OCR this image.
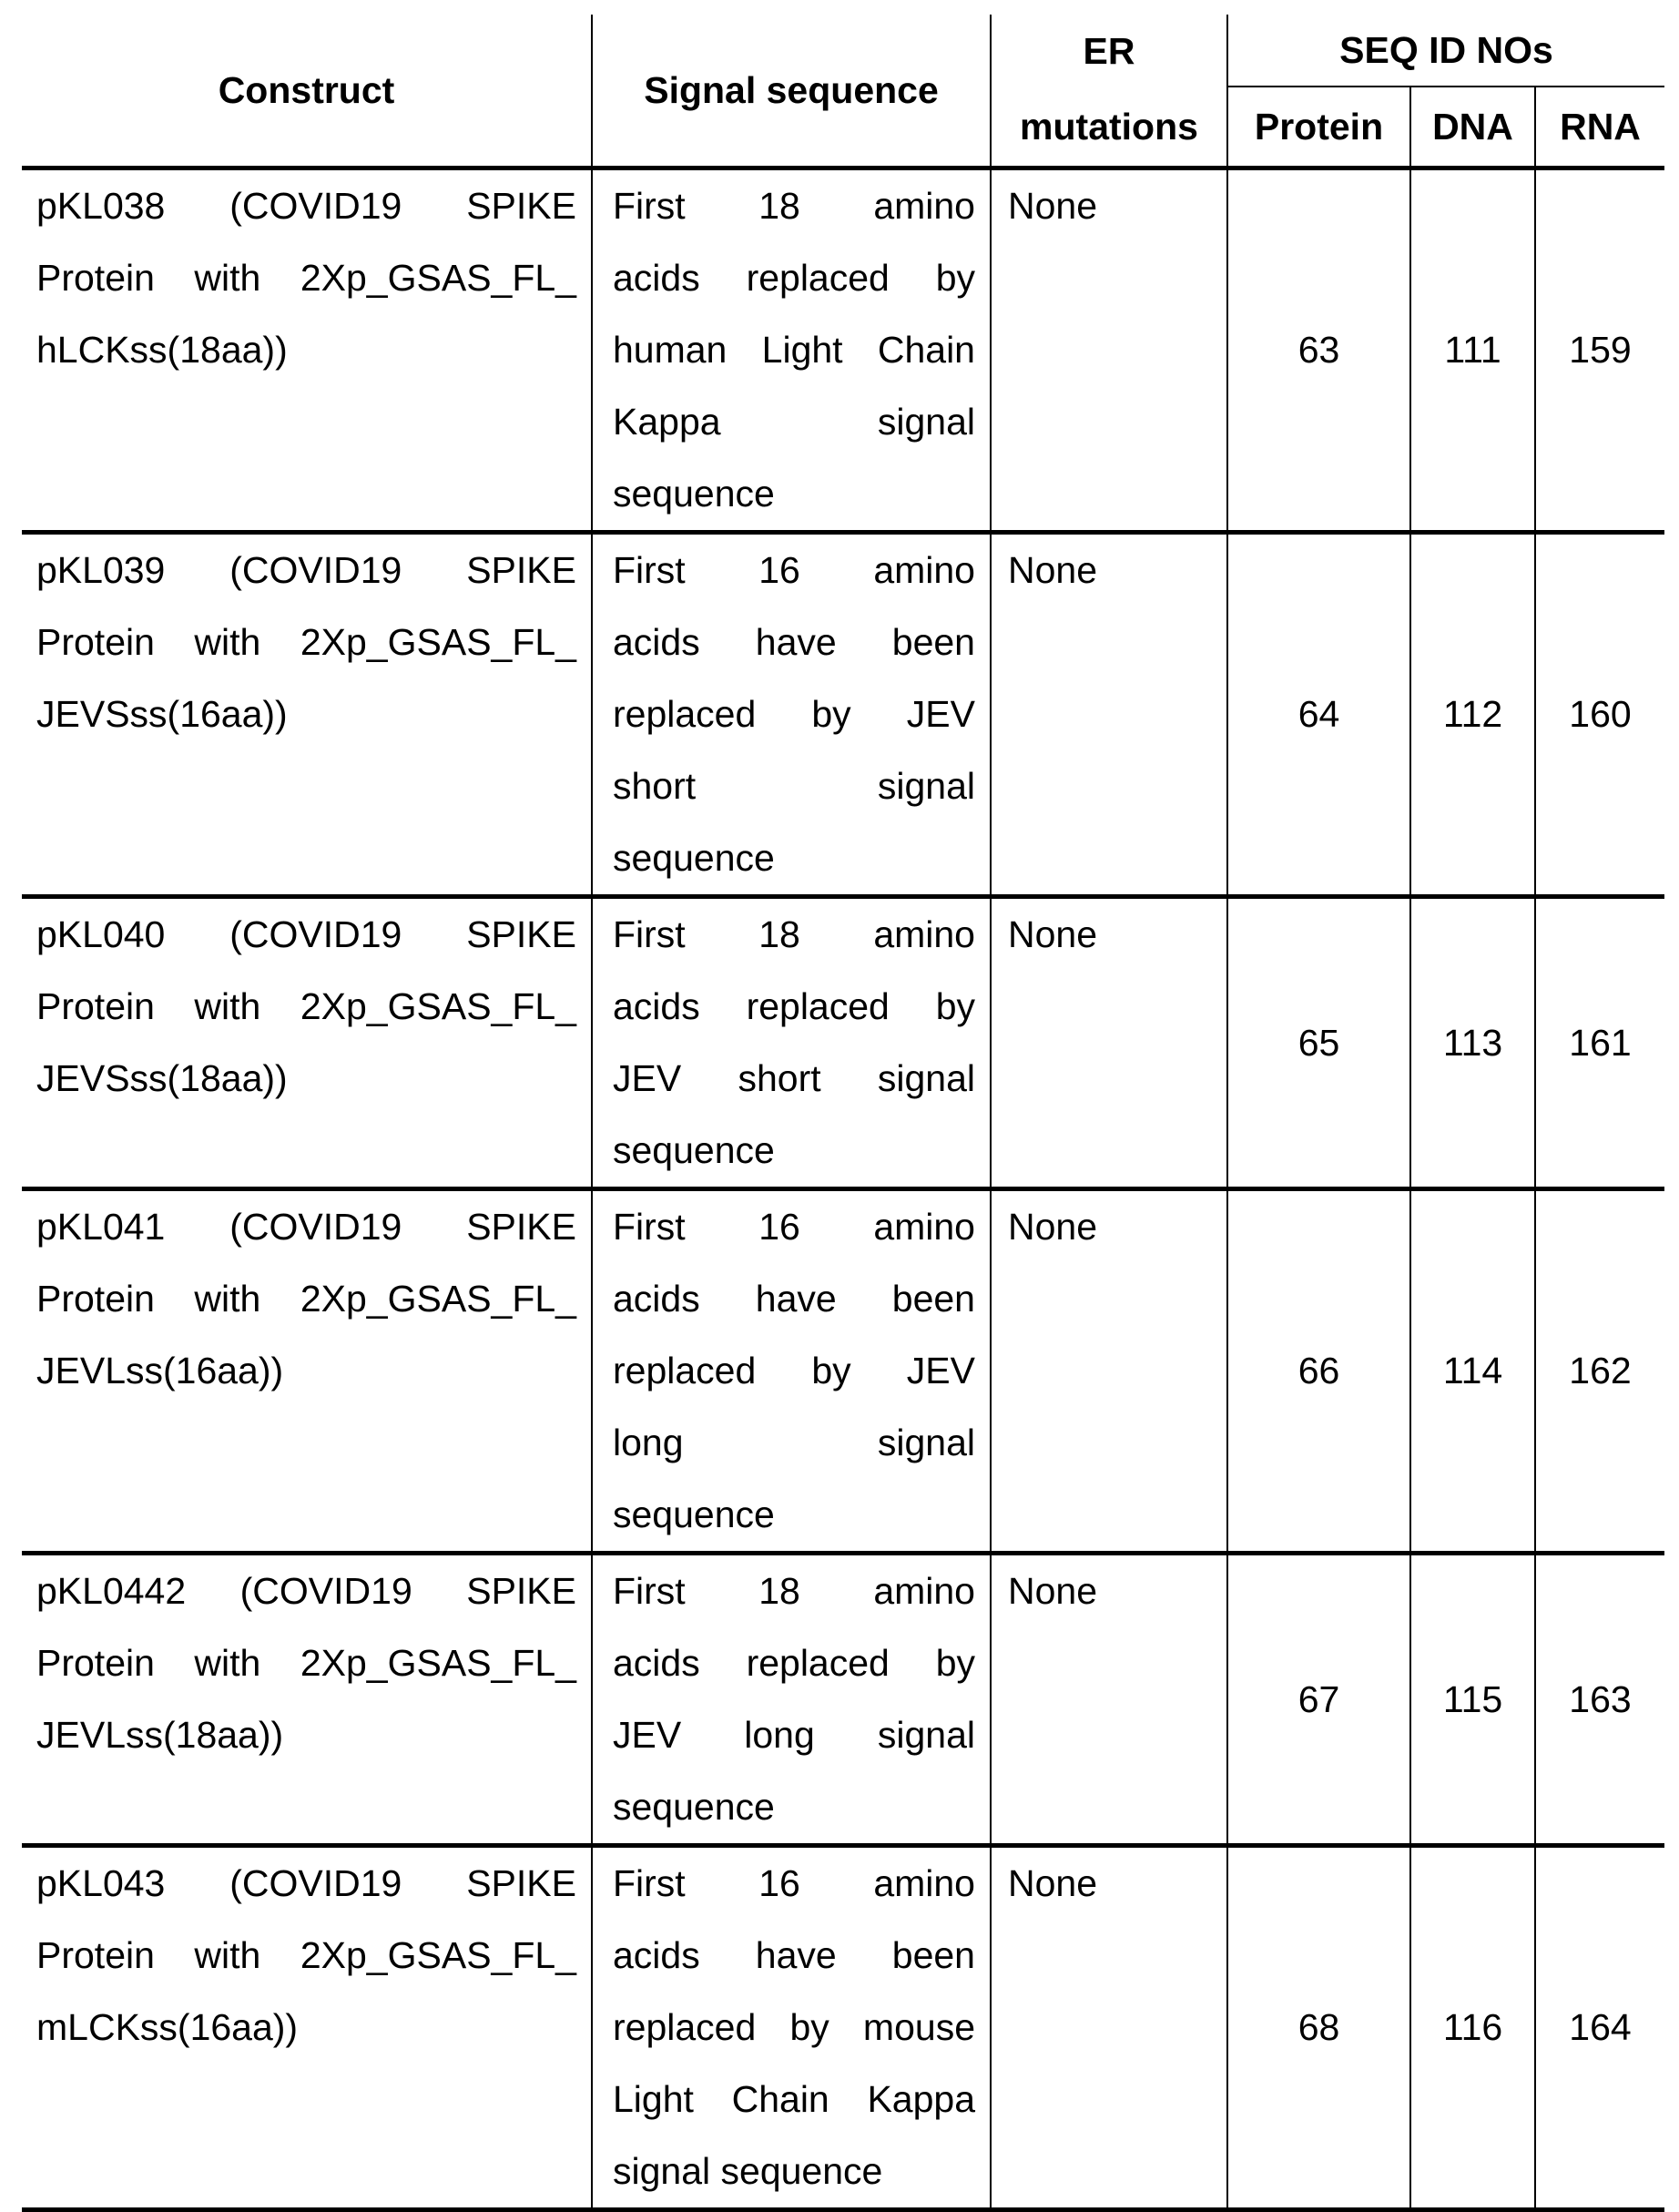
Construct	Signal sequence	ER	SEQ ID NOs		
		mutations	Protein	DNA	RNA

pKL038 (COVID19 SPIKE
Protein with 2Xp_GSAS_FL_
hLCKss(18aa))	First 18 amino
acids replaced by
human Light Chain
Kappa signal
sequence	None	63	111	159

pKL039 (COVID19 SPIKE
Protein with 2Xp_GSAS_FL_
JEVSss(16aa))	First 16 amino
acids have been
replaced by JEV
short signal
sequence	None	64	112	160

pKL040 (COVID19 SPIKE
Protein with 2Xp_GSAS_FL_
JEVSss(18aa))	First 18 amino
acids replaced by
JEV short signal
sequence	None	65	113	161

pKL041 (COVID19 SPIKE
Protein with 2Xp_GSAS_FL_
JEVLss(16aa))	First 16 amino
acids have been
replaced by JEV
long signal
sequence	None	66	114	162

pKL0442 (COVID19 SPIKE
Protein with 2Xp_GSAS_FL_
JEVLss(18aa))	First 18 amino
acids replaced by
JEV long signal
sequence	None	67	115	163

pKL043 (COVID19 SPIKE
Protein with 2Xp_GSAS_FL_
mLCKss(16aa))	First 16 amino
acids have been
replaced by mouse
Light Chain Kappa
signal sequence	None	68	116	164
